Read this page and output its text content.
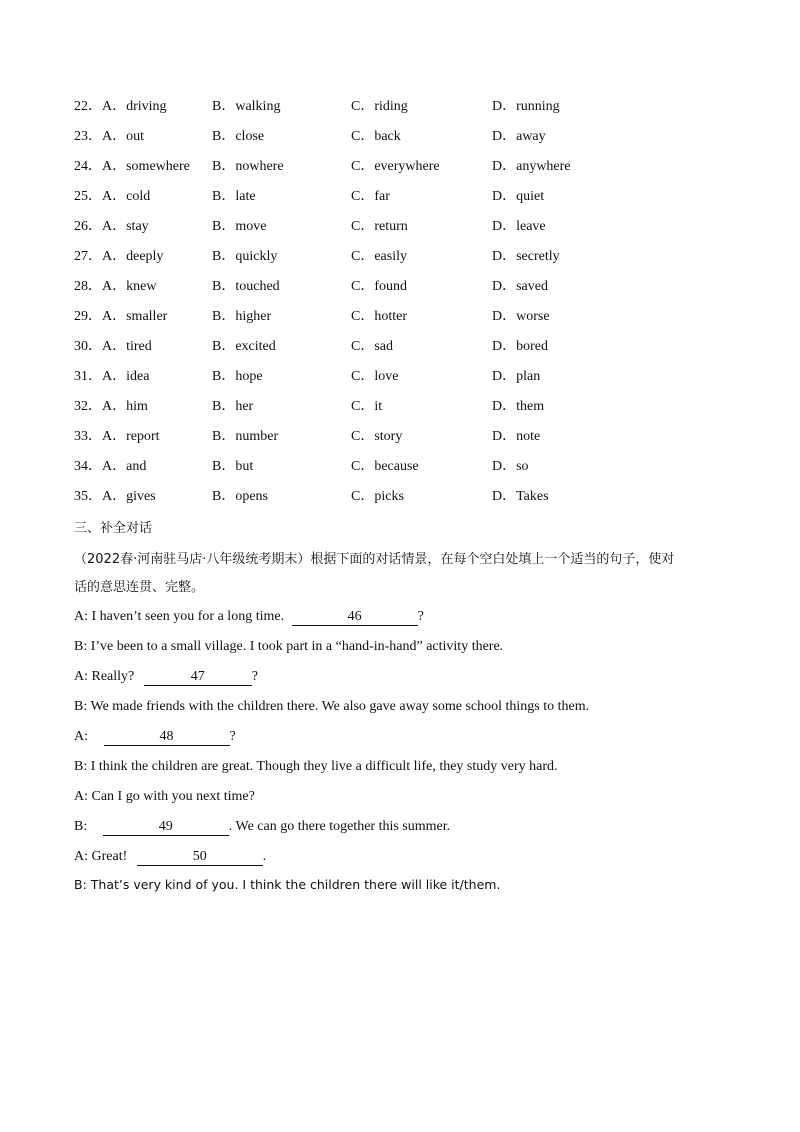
22．A．driving	B．walking	C．riding	D．running
23．A．out	B．close	C．back	D．away
24．A．somewhere B．nowhere	C．everywhere	D．anywhere
25．A．cold	B．late	C．far	D．quiet
26．A．stay	B．move	C．return	D．leave
27．A．deeply	B．quickly	C．easily	D．secretly
28．A．knew	B．touched	C．found	D．saved
29．A．smaller	B．higher	C．hotter	D．worse
30．A．tired	B．excited	C．sad	D．bored
31．A．idea	B．hope	C．love	D．plan
32．A．him	B．her	C．it	D．them
33．A．report	B．number	C．story	D．note
34．A．and	B．but	C．because	D．so
35．A．gives	B．opens	C．picks	D．Takes
三、补全对话
（2022春·河南驻马店·八年级统考期末）根据下面的对话情景，在每个空白处填上一个适当的句子，使对
话的意思连贯、完整。
A: I haven’t seen you for a long time.	46	?
B: I’ve been to a small village. I took part in a “hand-in-hand” activity there.
A: Really?	47	?
B: We made friends with the children there. We also gave away some school things to them.
A:	48	?
B: I think the children are great. Though they live a difficult life, they study very hard.
A: Can I go with you next time?
B:	49	. We can go there together this summer.
A: Great!	50	.
B: That’s very kind of you. I think the children there will like it/them.
